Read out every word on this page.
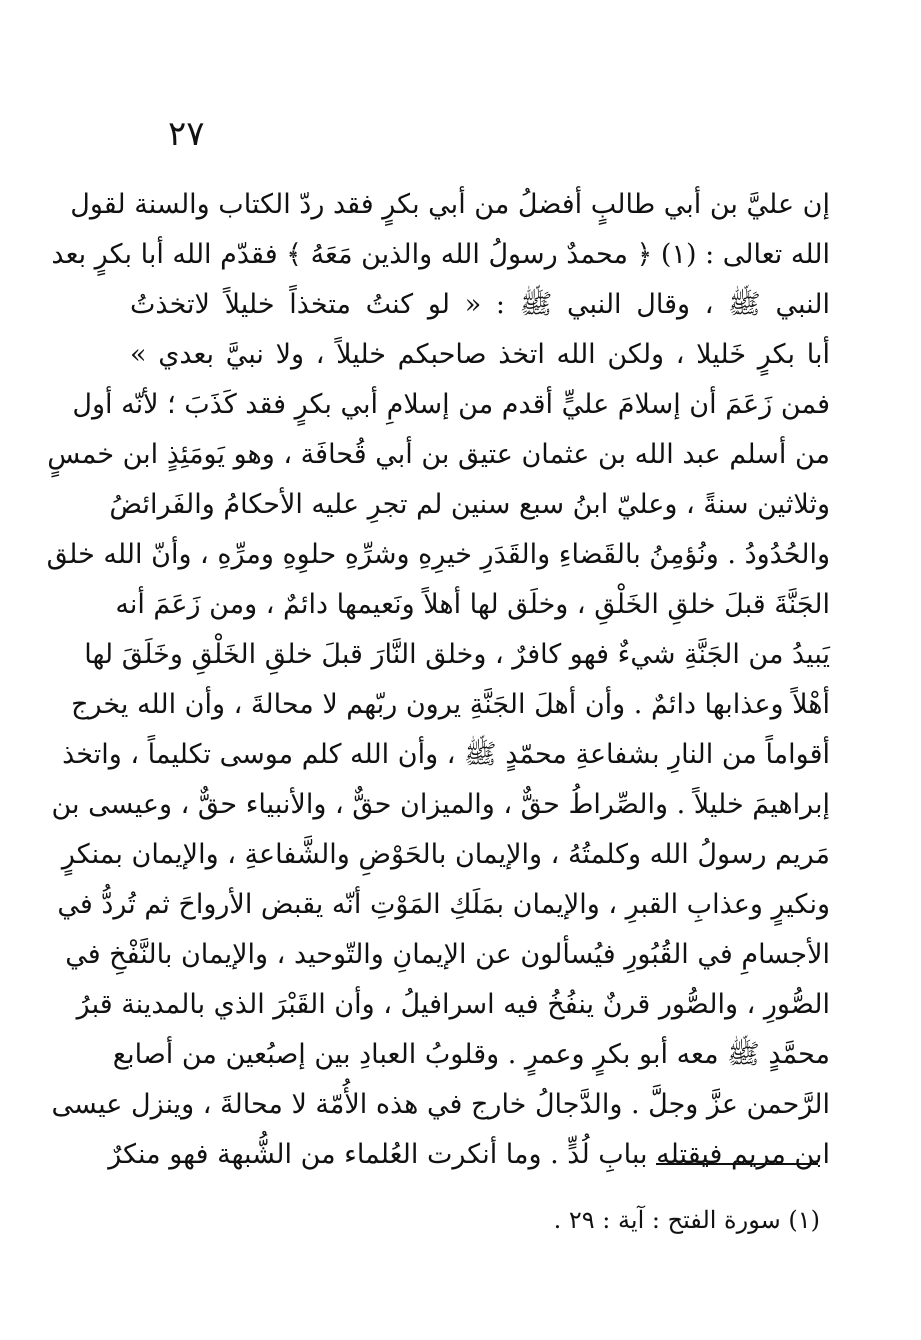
٢٧
إن عليَّ بن أبي طالبٍ أفضلُ من أبي بكرٍ فقد ردّ الكتاب والسنة لقول
الله تعالى : (١) ﴿ محمدٌ رسولُ الله والذين مَعَهُ ﴾ فقدّم الله أبا بكرٍ بعد
النبي ﷺ ، وقال النبي ﷺ : « لو كنتُ متخذاً خليلاً لاتخذتُ
أبا بكرٍ خَليلا ، ولكن الله اتخذ صاحبكم خليلاً ، ولا نبيَّ بعدي »
فمن زَعَمَ أن إسلامَ عليٍّ أقدم من إسلامِ أبي بكرٍ فقد كَذَبَ ؛ لأنّه أول
من أسلم عبد الله بن عثمان عتيق بن أبي قُحافَة ، وهو يَومَئِذٍ ابن خمسٍ
وثلاثين سنةً ، وعليّ ابنُ سبع سنين لم تجرِ عليه الأحكامُ والفَرائضُ
والحُدُودُ . ونُؤمِنُ بالقَضاءِ والقَدَرِ خيرِهِ وشرِّهِ حلوِهِ ومرِّهِ ، وأنّ الله خلق
الجَنَّةَ قبلَ خلقِ الخَلْقِ ، وخلَق لها أهلاً ونَعيمها دائمٌ ، ومن زَعَمَ أنه
يَبيدُ من الجَنَّةِ شيءٌ فهو كافرٌ ، وخلق النَّارَ قبلَ خلقِ الخَلْقِ وخَلَقَ لها
أهْلاً وعذابها دائمٌ . وأن أهلَ الجَنَّةِ يرون ربّهم لا محالةَ ، وأن الله يخرج
أقواماً من النارِ بشفاعةِ محمّدٍ ﷺ ، وأن الله كلم موسى تكليماً ، واتخذ
إبراهيمَ خليلاً . والصِّراطُ حقٌّ ، والميزان حقٌّ ، والأنبياء حقٌّ ، وعيسى بن
مَريم رسولُ الله وكلمتُهُ ، والإيمان بالحَوْضِ والشَّفاعةِ ، والإيمان بمنكرٍ
ونكيرٍ وعذابِ القبرِ ، والإيمان بمَلَكِ المَوْتِ أنّه يقبض الأرواحَ ثم تُردُّ في
الأجسامِ في القُبُورِ فيُسألون عن الإيمانِ والتّوحيد ، والإيمان بالنَّفْخِ في
الصُّورِ ، والصُّور قرنٌ ينفُخُ فيه اسرافيلُ ، وأن القَبْرَ الذي بالمدينة قبرُ
محمَّدٍ ﷺ معه أبو بكرٍ وعمرٍ . وقلوبُ العبادِ بين إصبُعين من أصابع
الرَّحمن عزَّ وجلَّ . والدَّجالُ خارج في هذه الأُمّة لا محالةَ ، وينزل عيسى
ابن مريم فيقتله ببابِ لُدٍّ . وما أنكرت العُلماء من الشُّبهة فهو منكرٌ
(١) سورة الفتح : آية : ٢٩ .
